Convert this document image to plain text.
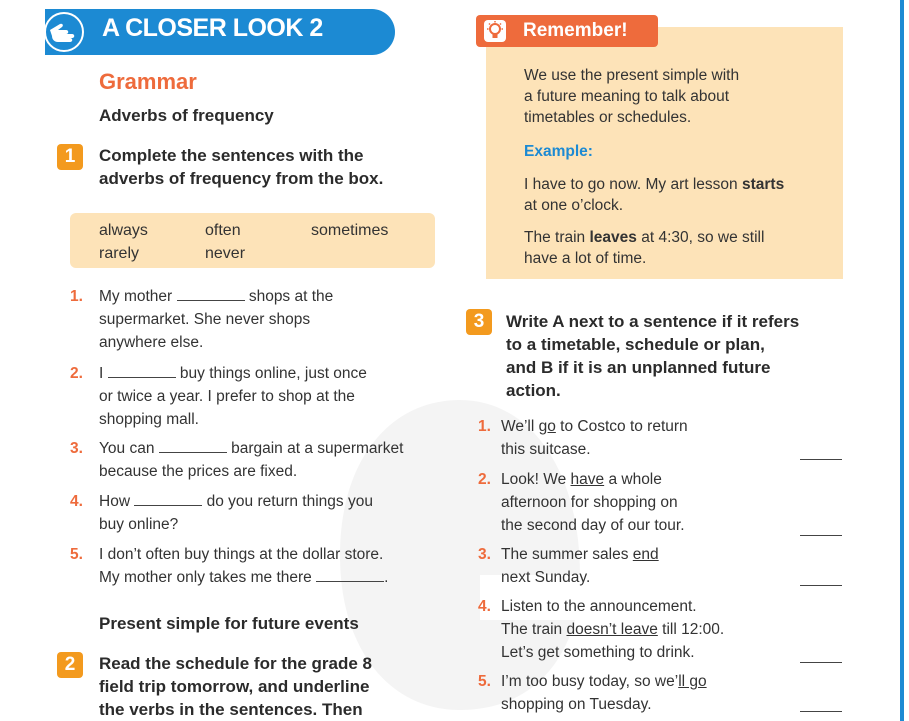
A CLOSER LOOK 2
Grammar
Adverbs of frequency
1	Complete the sentences with the
adverbs of frequency from the box.
always	often	sometimes
rarely	never
1. My mother	shops at the

supermarket. She never shops
anywhere else.
2. I	buy things online, just once

or twice a year. I prefer to shop at the
shopping mall.
3. You can	bargain at a supermarket

because the prices are fixed.
4. How	do you return things you

buy online?
5. I don’t often buy things at the dollar store.

My mother only takes me there	.
Present simple for future events
2	Read the schedule for the grade 8
field trip tomorrow, and underline
the verbs in the sentences. Then
Remember!
We use the present simple with
a future meaning to talk about
timetables or schedules.
Example:
I have to go now. My art lesson starts
at one o’clock.
The train leaves at 4:30, so we still
have a lot of time.
3	Write A next to a sentence if it refers
to a timetable, schedule or plan,
and B if it is an unplanned future
action.
1. We’ll go to Costco to return

this suitcase.
2. Look! We have a whole

afternoon for shopping on
the second day of our tour.
3. The summer sales end

next Sunday.
4. Listen to the announcement.

The train doesn’t leave till 12:00.
Let’s get something to drink.
5. I’m too busy today, so we’ll go

shopping on Tuesday.
